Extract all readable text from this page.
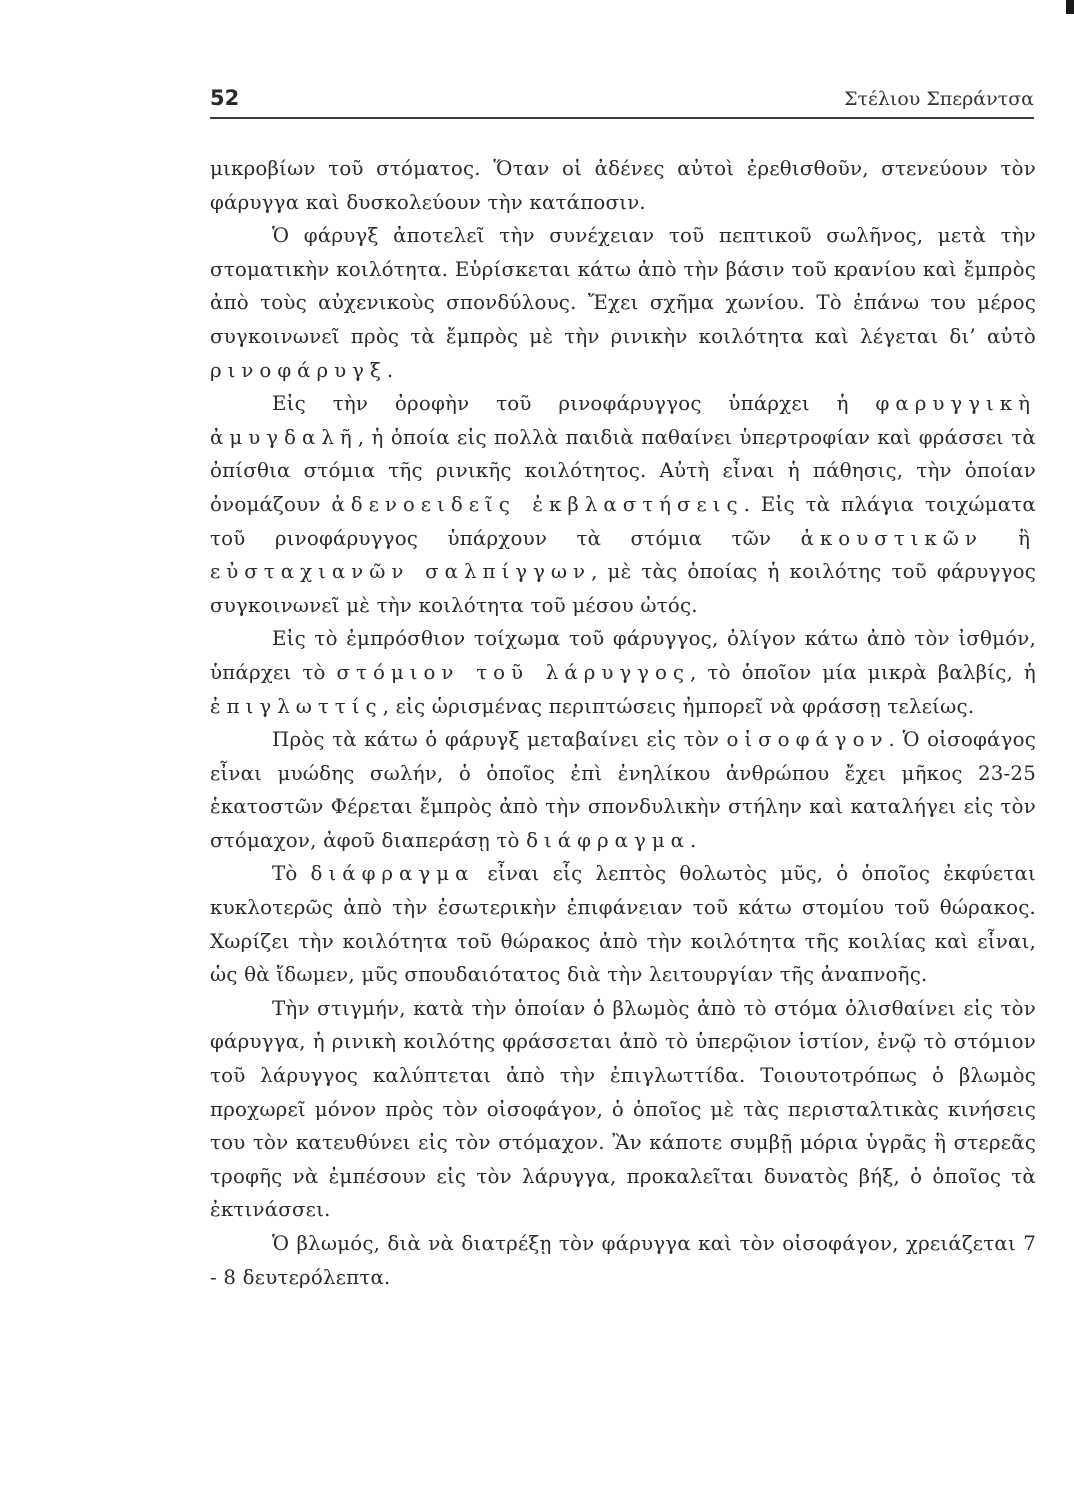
52	Στέλιου Σπεράντσα

μικροβίων τοῦ στόματος. Ὅταν οἱ ἀδένες αὐτοὶ ἐρεθισθοῦν, στενεύουν τὸν φάρυγγα καὶ δυσκολεύουν τὴν κατάποσιν.

Ὁ φάρυγξ ἀποτελεῖ τὴν συνέχειαν τοῦ πεπτικοῦ σωλῆνος, μετὰ τὴν στοματικὴν κοιλότητα. Εὑρίσκεται κάτω ἀπὸ τὴν βάσιν τοῦ κρανίου καὶ ἔμπρὸς ἀπὸ τοὺς αὐχενικοὺς σπονδύλους. Ἔχει σχῆμα χωνίου. Τὸ ἐπάνω του μέρος συγκοινωνεῖ πρὸς τὰ ἔμπρὸς μὲ τὴν ρινικὴν κοιλότητα καὶ λέγεται δι’ αὐτὸ ρινοφάρυγξ.

Εἰς τὴν ὀροφὴν τοῦ ρινοφάρυγγος ὑπάρχει ἡ φαρυγγικὴ ἀμυγδαλῆ, ἡ ὁποία εἰς πολλὰ παιδιὰ παθαίνει ὑπερτροφίαν καὶ φράσσει τὰ ὀπίσθια στόμια τῆς ρινικῆς κοιλότητος. Αὐτὴ εἶναι ἡ πάθησις, τὴν ὁποίαν ὀνομάζουν ἀδενοειδεῖς ἐκβλαστήσεις. Εἰς τὰ πλάγια τοιχώματα τοῦ ρινοφάρυγγος ὑπάρχουν τὰ στόμια τῶν ἀκουστικῶν ἢ εὐσταχιανῶν σαλπίγγων, μὲ τὰς ὁποίας ἡ κοιλότης τοῦ φάρυγγος συγκοινωνεῖ μὲ τὴν κοιλότητα τοῦ μέσου ὠτός.

Εἰς τὸ ἐμπρόσθιον τοίχωμα τοῦ φάρυγγος, ὀλίγον κάτω ἀπὸ τὸν ἰσθμόν, ὑπάρχει τὸ στόμιον τοῦ λάρυγγος, τὸ ὁποῖον μία μικρὰ βαλβίς, ἡ ἐπιγλωττίς, εἰς ὡρισμένας περιπτώσεις ἠμπορεῖ νὰ φράσσῃ τελείως.

Πρὸς τὰ κάτω ὁ φάρυγξ μεταβαίνει εἰς τὸν οἰσοφάγον. Ὁ οἰσοφάγος εἶναι μυώδης σωλήν, ὁ ὁποῖος ἐπὶ ἐνηλίκου ἀνθρώπου ἔχει μῆκος 23-25 ἑκατοστῶν Φέρεται ἔμπρὸς ἀπὸ τὴν σπονδυλικὴν στήλην καὶ καταλήγει εἰς τὸν στόμαχον, ἀφοῦ διαπεράσῃ τὸ διάφραγμα.

Τὸ διάφραγμα εἶναι εἷς λεπτὸς θολωτὸς μῦς, ὁ ὁποῖος ἐκφύεται κυκλοτερῶς ἀπὸ τὴν ἐσωτερικὴν ἐπιφάνειαν τοῦ κάτω στομίου τοῦ θώρακος. Χωρίζει τὴν κοιλότητα τοῦ θώρακος ἀπὸ τὴν κοιλότητα τῆς κοιλίας καὶ εἶναι, ὡς θὰ ἴδωμεν, μῦς σπουδαιότατος διὰ τὴν λειτουργίαν τῆς ἀναπνοῆς.

Τὴν στιγμήν, κατὰ τὴν ὁποίαν ὁ βλωμὸς ἀπὸ τὸ στόμα ὀλισθαίνει εἰς τὸν φάρυγγα, ἡ ρινικὴ κοιλότης φράσσεται ἀπὸ τὸ ὑπερῷιον ἱστίον, ἐνῷ τὸ στόμιον τοῦ λάρυγγος καλύπτεται ἀπὸ τὴν ἐπιγλωττίδα. Τοιουτοτρόπως ὁ βλωμὸς προχωρεῖ μόνον πρὸς τὸν οἰσοφάγον, ὁ ὁποῖος μὲ τὰς περισταλτικὰς κινήσεις του τὸν κατευθύνει εἰς τὸν στόμαχον. Ἂν κάποτε συμβῇ μόρια ὑγρᾶς ἢ στερεᾶς τροφῆς νὰ ἐμπέσουν εἰς τὸν λάρυγγα, προκαλεῖται δυνατὸς βήξ, ὁ ὁποῖος τὰ ἐκτινάσσει.

Ὁ βλωμός, διὰ νὰ διατρέξῃ τὸν φάρυγγα καὶ τὸν οἰσοφάγον, χρειάζεται 7 - 8 δευτερόλεπτα.
